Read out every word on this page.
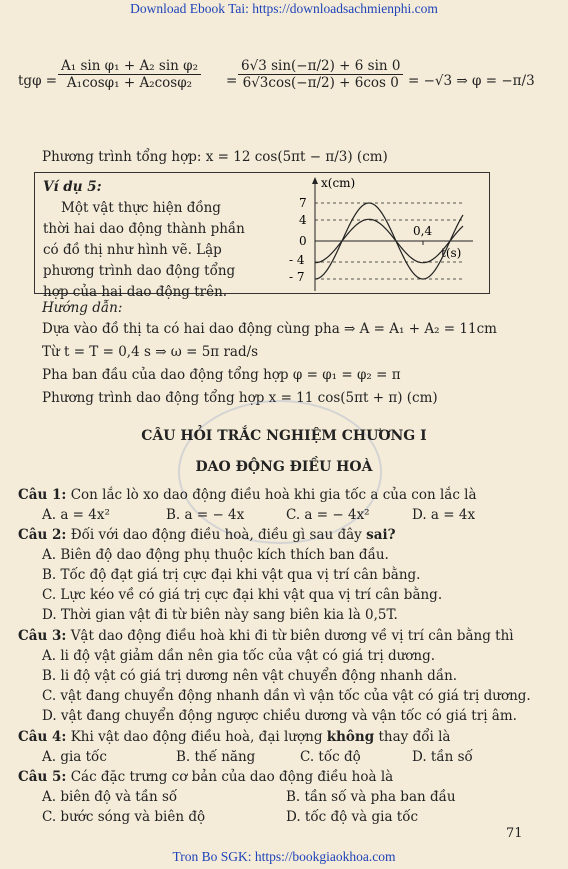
Download Ebook Tai: https://downloadsachmienphi.com
$tg\varphi = \frac{\text{A₁ sin φ₁ + A₂ sin φ₂}}{\text{A₁cosφ₁ + A₂cosφ₂}} = \frac{6√3 \sin(-\pi/2) + 6 \sin 0}{6√3\cos(-\pi/2) + 6\cos 0} = -√3$ ⇒ φ = −π/3
Phương trình tổng hợp: x = 12 cos(5πt − π/3) (cm)
Ví dụ 5:
Một vật thực hiện đồng
thời hai dao động thành phần
có đồ thị như hình vẽ. Lập
phương trình dao động tổng
hợp của hai dao động trên.
x(cm)
t(s)
7
4
0
- 4
- 7
0,4
Hướng dẫn:
Dựa vào đồ thị ta có hai dao động cùng pha ⇒ A = A₁ + A₂ = 11cm
Từ t = T = 0,4 s ⇒ ω = 5π rad/s
Pha ban đầu của dao động tổng hợp φ = φ₁ = φ₂ = π
Phương trình dao động tổng hợp x = 11 cos(5πt + π) (cm)
CÂU HỎI TRẮC NGHIỆM CHƯƠNG I
DAO ĐỘNG ĐIỀU HOÀ
Câu 1: Con lắc lò xo dao động điều hoà khi gia tốc a của con lắc là
A. a = 4x²	B. a = − 4x	C. a = − 4x²	D. a = 4x
Câu 2: Đối với dao động điều hoà, điều gì sau đây sai?
A. Biên độ dao động phụ thuộc kích thích ban đầu.
B. Tốc độ đạt giá trị cực đại khi vật qua vị trí cân bằng.
C. Lực kéo về có giá trị cực đại khi vật qua vị trí cân bằng.
D. Thời gian vật đi từ biên này sang biên kia là 0,5T.
Câu 3: Vật dao động điều hoà khi đi từ biên dương về vị trí cân bằng thì
A. li độ vật giảm dần nên gia tốc của vật có giá trị dương.
B. li độ vật có giá trị dương nên vật chuyển động nhanh dần.
C. vật đang chuyển động nhanh dần vì vận tốc của vật có giá trị dương.
D. vật đang chuyển động ngược chiều dương và vận tốc có giá trị âm.
Câu 4: Khi vật dao động điều hoà, đại lượng không thay đổi là
A. gia tốc	B. thế năng	C. tốc độ	D. tần số
Câu 5: Các đặc trưng cơ bản của dao động điều hoà là
A. biên độ và tần số	B. tần số và pha ban đầu
C. bước sóng và biên độ	D. tốc độ và gia tốc
71
Tron Bo SGK: https://bookgiaokhoa.com
